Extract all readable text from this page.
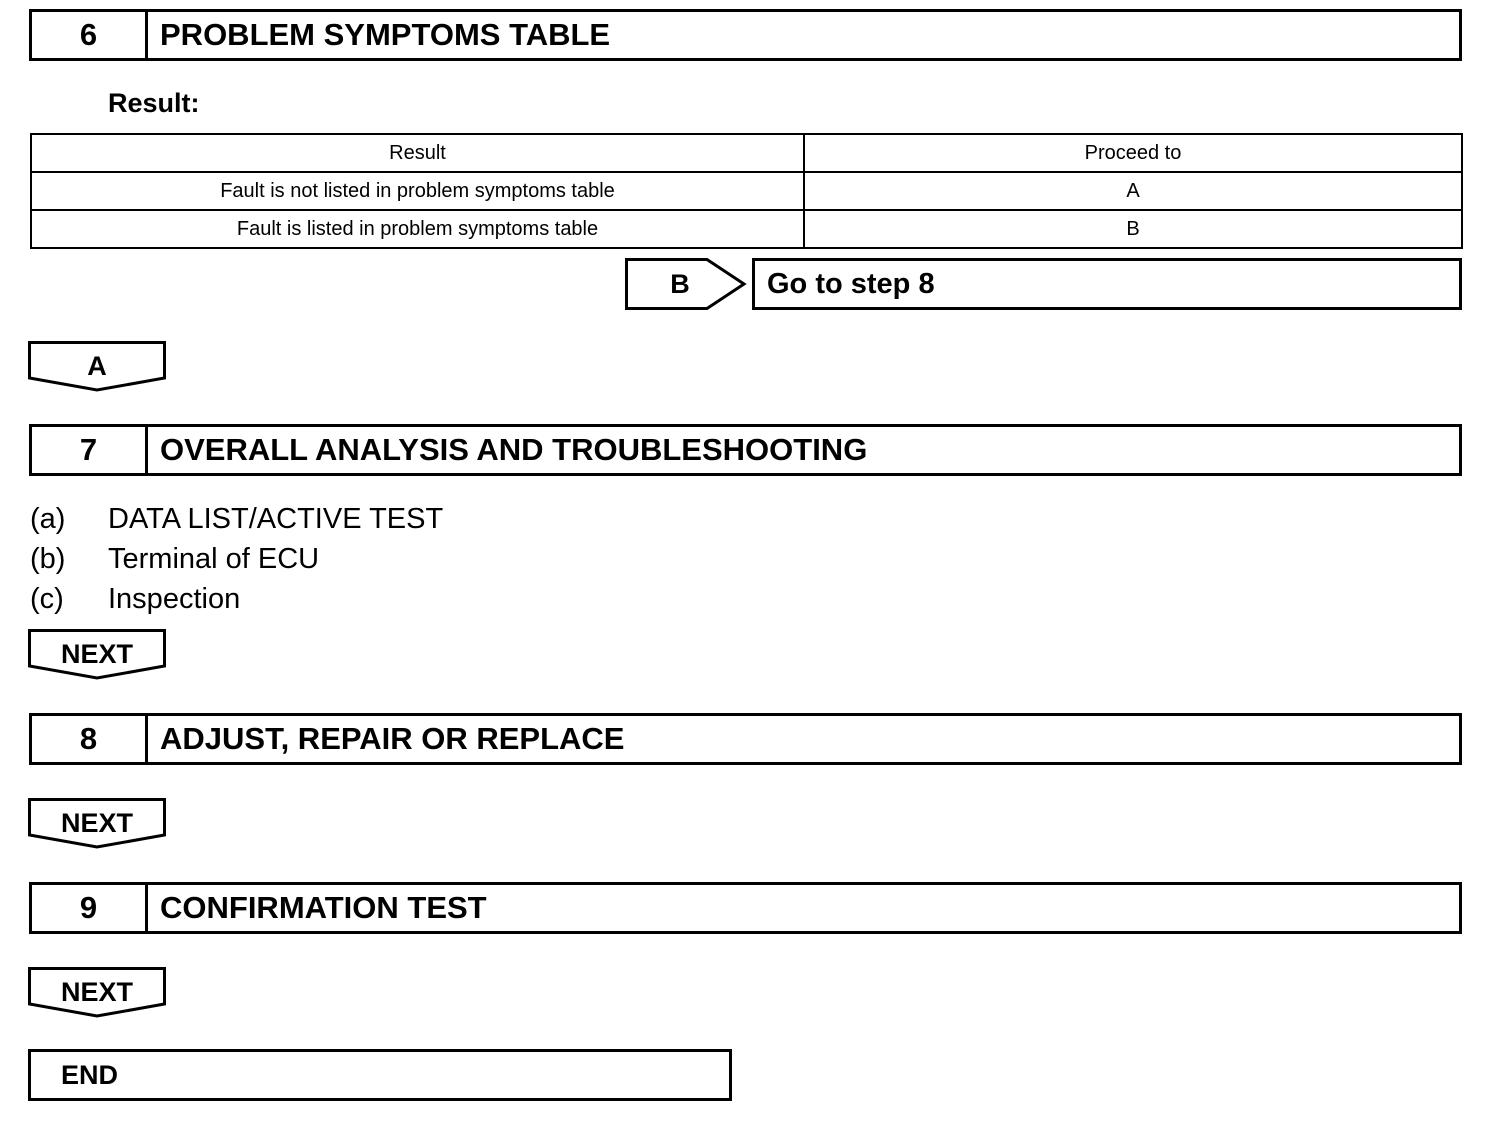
6	PROBLEM SYMPTOMS TABLE
Result:
Result	Proceed to
Fault is not listed in problem symptoms table	A
Fault is listed in problem symptoms table	B
B	Go to step 8
A
7	OVERALL ANALYSIS AND TROUBLESHOOTING
(a)	DATA LIST/ACTIVE TEST
(b)	Terminal of ECU
(c)	Inspection
NEXT
8	ADJUST, REPAIR OR REPLACE
NEXT
9	CONFIRMATION TEST
NEXT
END
